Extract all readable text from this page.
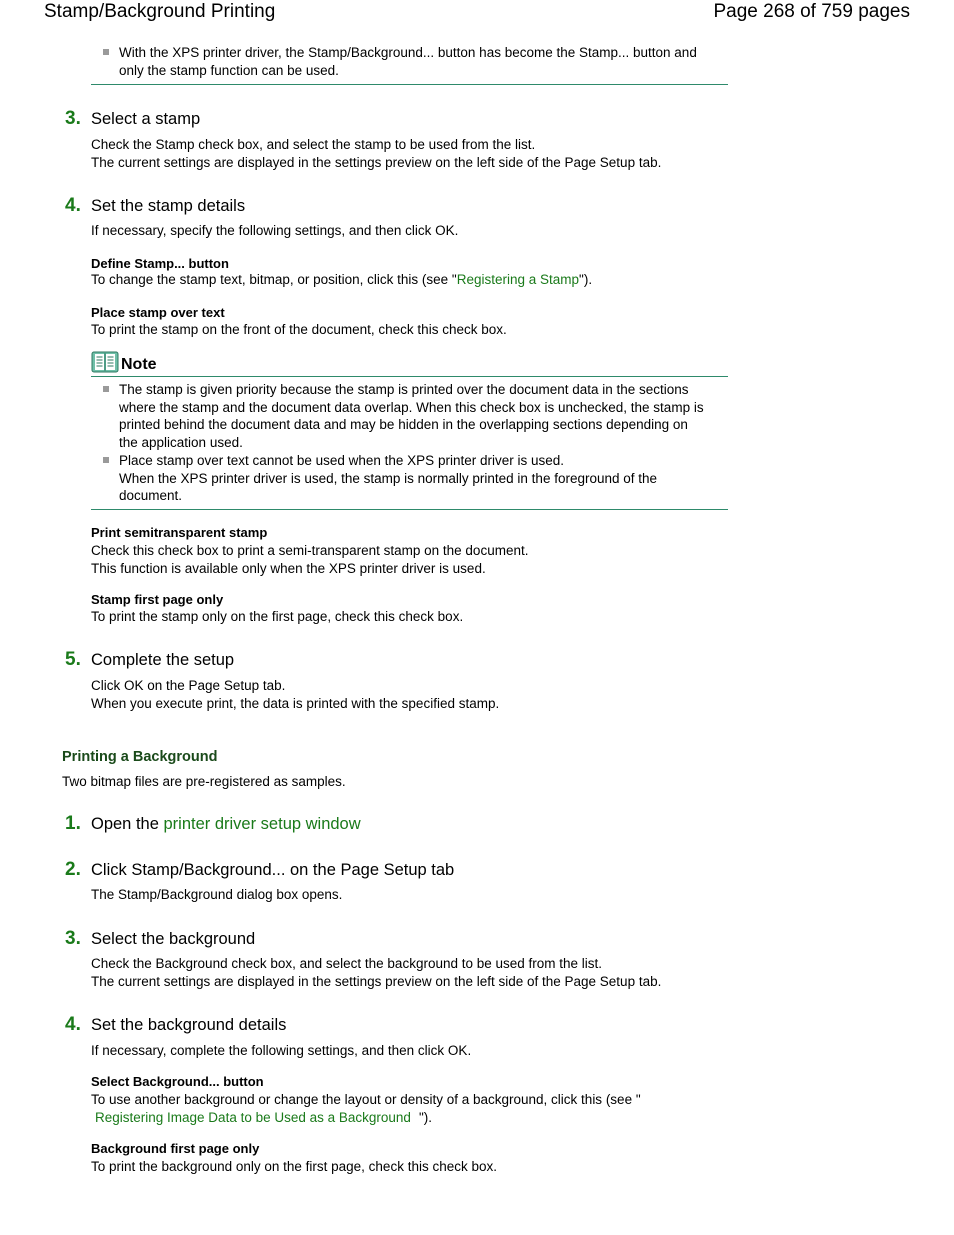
Stamp/Background Printing	Page 268 of 759 pages
With the XPS printer driver, the Stamp/Background... button has become the Stamp... button and only the stamp function can be used.
3. Select a stamp
Check the Stamp check box, and select the stamp to be used from the list.
The current settings are displayed in the settings preview on the left side of the Page Setup tab.
4. Set the stamp details
If necessary, specify the following settings, and then click OK.
Define Stamp... button
To change the stamp text, bitmap, or position, click this (see "Registering a Stamp").
Place stamp over text
To print the stamp on the front of the document, check this check box.
Note
The stamp is given priority because the stamp is printed over the document data in the sections where the stamp and the document data overlap. When this check box is unchecked, the stamp is printed behind the document data and may be hidden in the overlapping sections depending on the application used.
Place stamp over text cannot be used when the XPS printer driver is used.
When the XPS printer driver is used, the stamp is normally printed in the foreground of the document.
Print semitransparent stamp
Check this check box to print a semi-transparent stamp on the document.
This function is available only when the XPS printer driver is used.
Stamp first page only
To print the stamp only on the first page, check this check box.
5. Complete the setup
Click OK on the Page Setup tab.
When you execute print, the data is printed with the specified stamp.
Printing a Background
Two bitmap files are pre-registered as samples.
1. Open the printer driver setup window
2. Click Stamp/Background... on the Page Setup tab
The Stamp/Background dialog box opens.
3. Select the background
Check the Background check box, and select the background to be used from the list.
The current settings are displayed in the settings preview on the left side of the Page Setup tab.
4. Set the background details
If necessary, complete the following settings, and then click OK.
Select Background... button
To use another background or change the layout or density of a background, click this (see "
Registering Image Data to be Used as a Background ").
Background first page only
To print the background only on the first page, check this check box.
